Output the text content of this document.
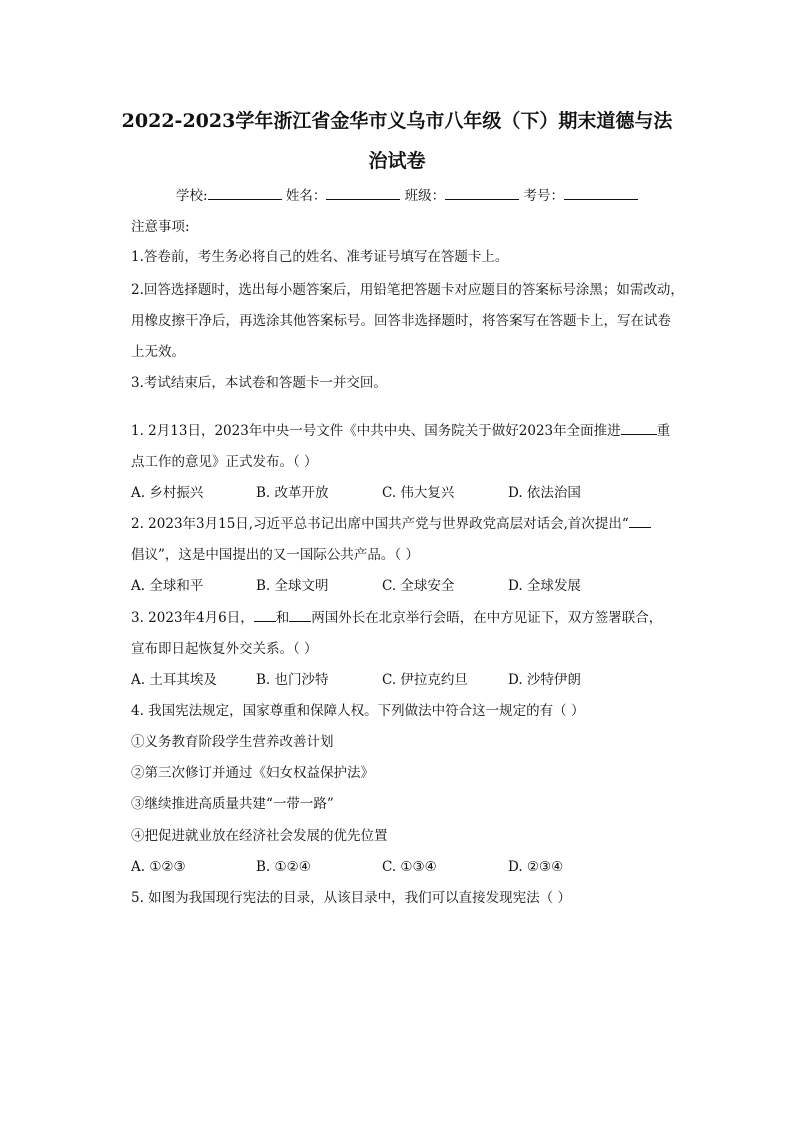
2022-2023学年浙江省金华市义乌市八年级（下）期末道德与法
治试卷
学校:	姓名：	班级：	考号：
注意事项:
1.答卷前，考生务必将自己的姓名、准考证号填写在答题卡上。
2.回答选择题时，选出每小题答案后，用铅笔把答题卡对应题目的答案标号涂黑；如需改动，
用橡皮擦干净后，再选涂其他答案标号。回答非选择题时，将答案写在答题卡上，写在试卷
上无效。
3.考试结束后，本试卷和答题卡一并交回。
1. 2月13日，2023年中央一号文件《中共中央、国务院关于做好2023年全面推进	重
点工作的意见》正式发布。（ ）
A. 乡村振兴	B. 改革开放	C. 伟大复兴	D. 依法治国
2. 2023年3月15日,习近平总书记出席中国共产党与世界政党高层对话会,首次提出“
倡议”，这是中国提出的又一国际公共产品。（ ）
A. 全球和平	B. 全球文明	C. 全球安全	D. 全球发展
3. 2023年4月6日， 和 两国外长在北京举行会晤，在中方见证下，双方签署联合，
宣布即日起恢复外交关系。（ ）
A. 土耳其埃及	B. 也门沙特	C. 伊拉克约旦	D. 沙特伊朗
4. 我国宪法规定，国家尊重和保障人权。下列做法中符合这一规定的有（ ）
①义务教育阶段学生营养改善计划
②第三次修订并通过《妇女权益保护法》
③继续推进高质量共建“一带一路”
④把促进就业放在经济社会发展的优先位置
A. ①②③	B. ①②④	C. ①③④	D. ②③④
5. 如图为我国现行宪法的目录，从该目录中，我们可以直接发现宪法（ ）
